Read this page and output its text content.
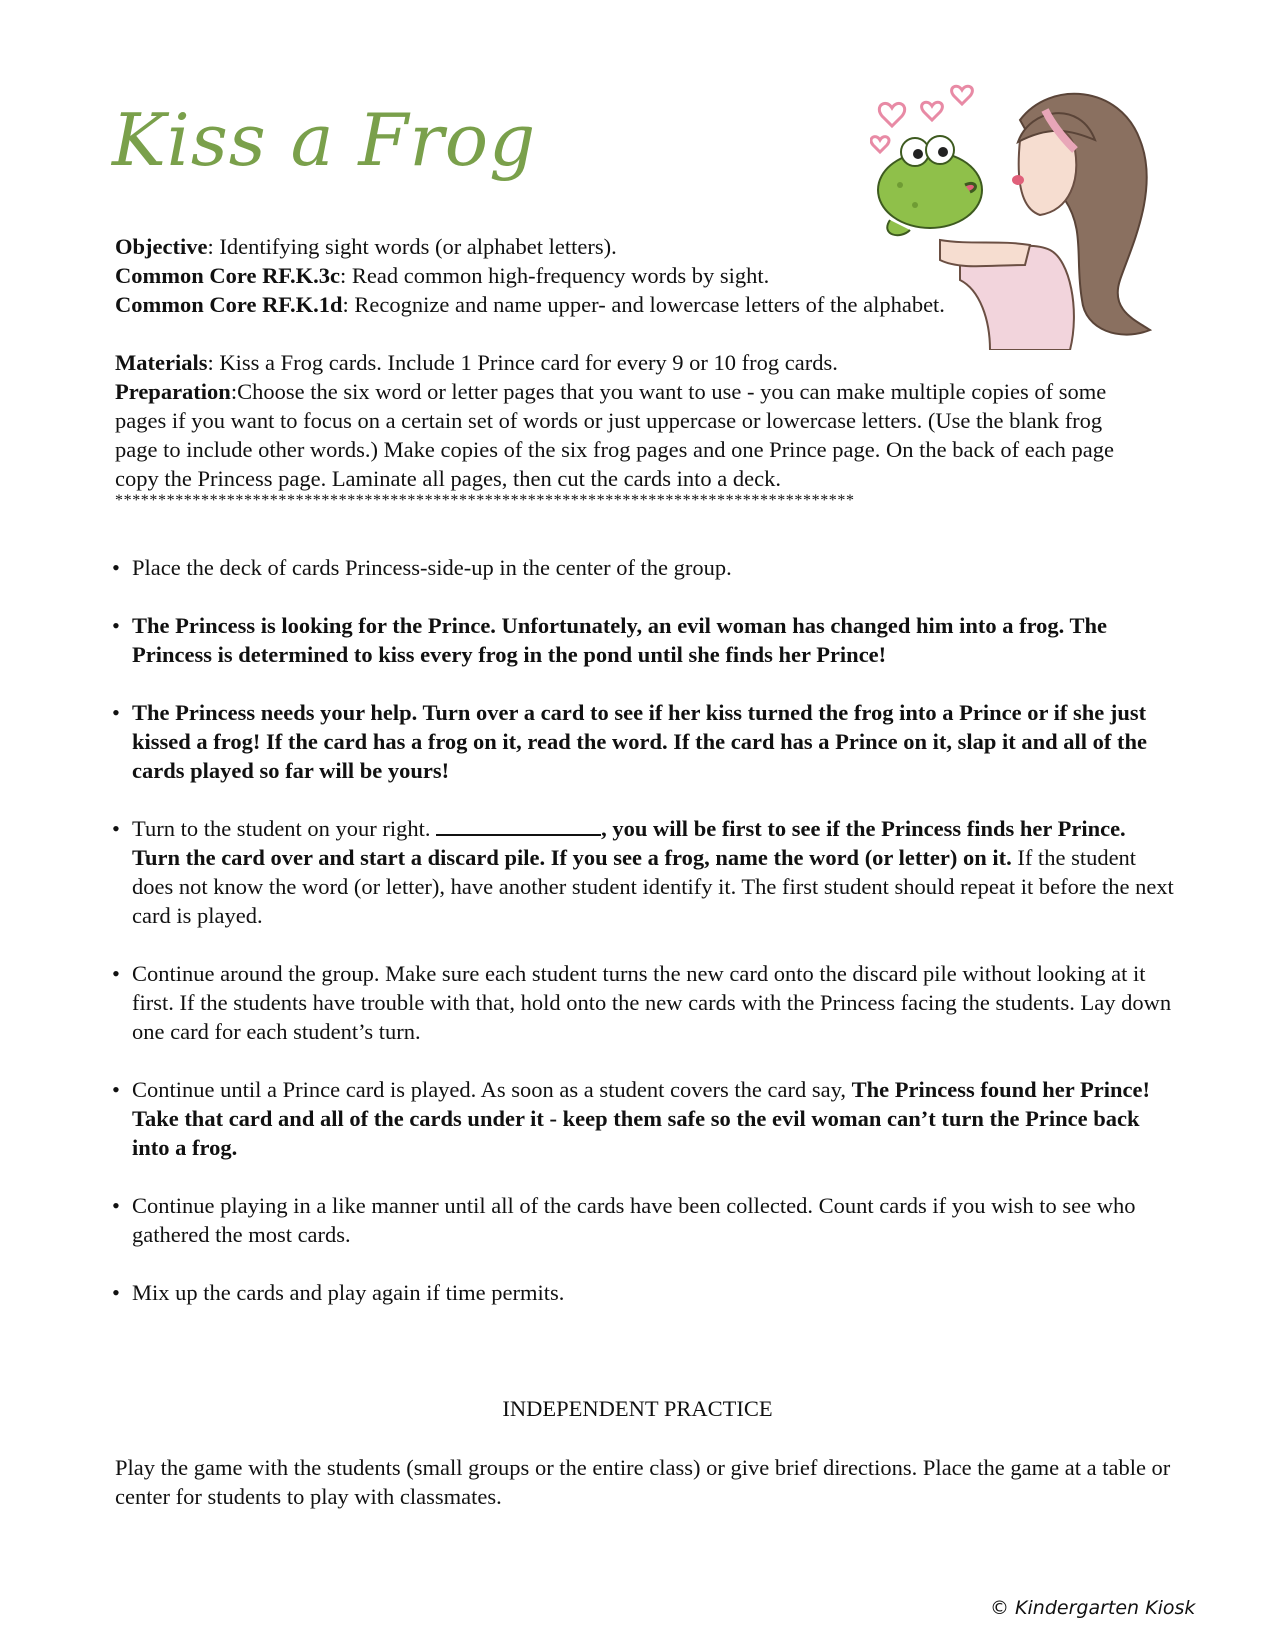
Kiss a Frog

Objective: Identifying sight words (or alphabet letters).

Common Core RF.K.3c: Read common high-frequency words by sight.

Common Core RF.K.1d: Recognize and name upper- and lowercase letters of the alphabet.

Materials: Kiss a Frog cards. Include 1 Prince card for every 9 or 10 frog cards.

Preparation:Choose the six word or letter pages that you want to use - you can make multiple copies of some pages if you want to focus on a certain set of words or just uppercase or lowercase letters. (Use the blank frog page to include other words.) Make copies of the six frog pages and one Prince page. On the back of each page copy the Princess page. Laminate all pages, then cut the cards into a deck.

**************************************************************************************
• Place the deck of cards Princess-side-up in the center of the group.
• The Princess is looking for the Prince. Unfortunately, an evil woman has changed him into a frog. The Princess is determined to kiss every frog in the pond until she finds her Prince!
• The Princess needs your help. Turn over a card to see if her kiss turned the frog into a Prince or if she just kissed a frog! If the card has a frog on it, read the word. If the card has a Prince on it, slap it and all of the cards played so far will be yours!
• Turn to the student on your right.	, you will be first to see if the Princess finds her Prince. Turn the card over and start a discard pile. If you see a frog, name the word (or letter) on it. If the student does not know the word (or letter), have another student identify it. The first student should repeat it before the next card is played.
• Continue around the group. Make sure each student turns the new card onto the discard pile without looking at it first. If the students have trouble with that, hold onto the new cards with the Princess facing the students. Lay down one card for each student’s turn.
• Continue until a Prince card is played. As soon as a student covers the card say, The Princess found her Prince! Take that card and all of the cards under it - keep them safe so the evil woman can’t turn the Prince back into a frog.
• Continue playing in a like manner until all of the cards have been collected. Count cards if you wish to see who gathered the most cards.
• Mix up the cards and play again if time permits.
INDEPENDENT PRACTICE

Play the game with the students (small groups or the entire class) or give brief directions. Place the game at a table or center for students to play with classmates.

© Kindergarten Kiosk
